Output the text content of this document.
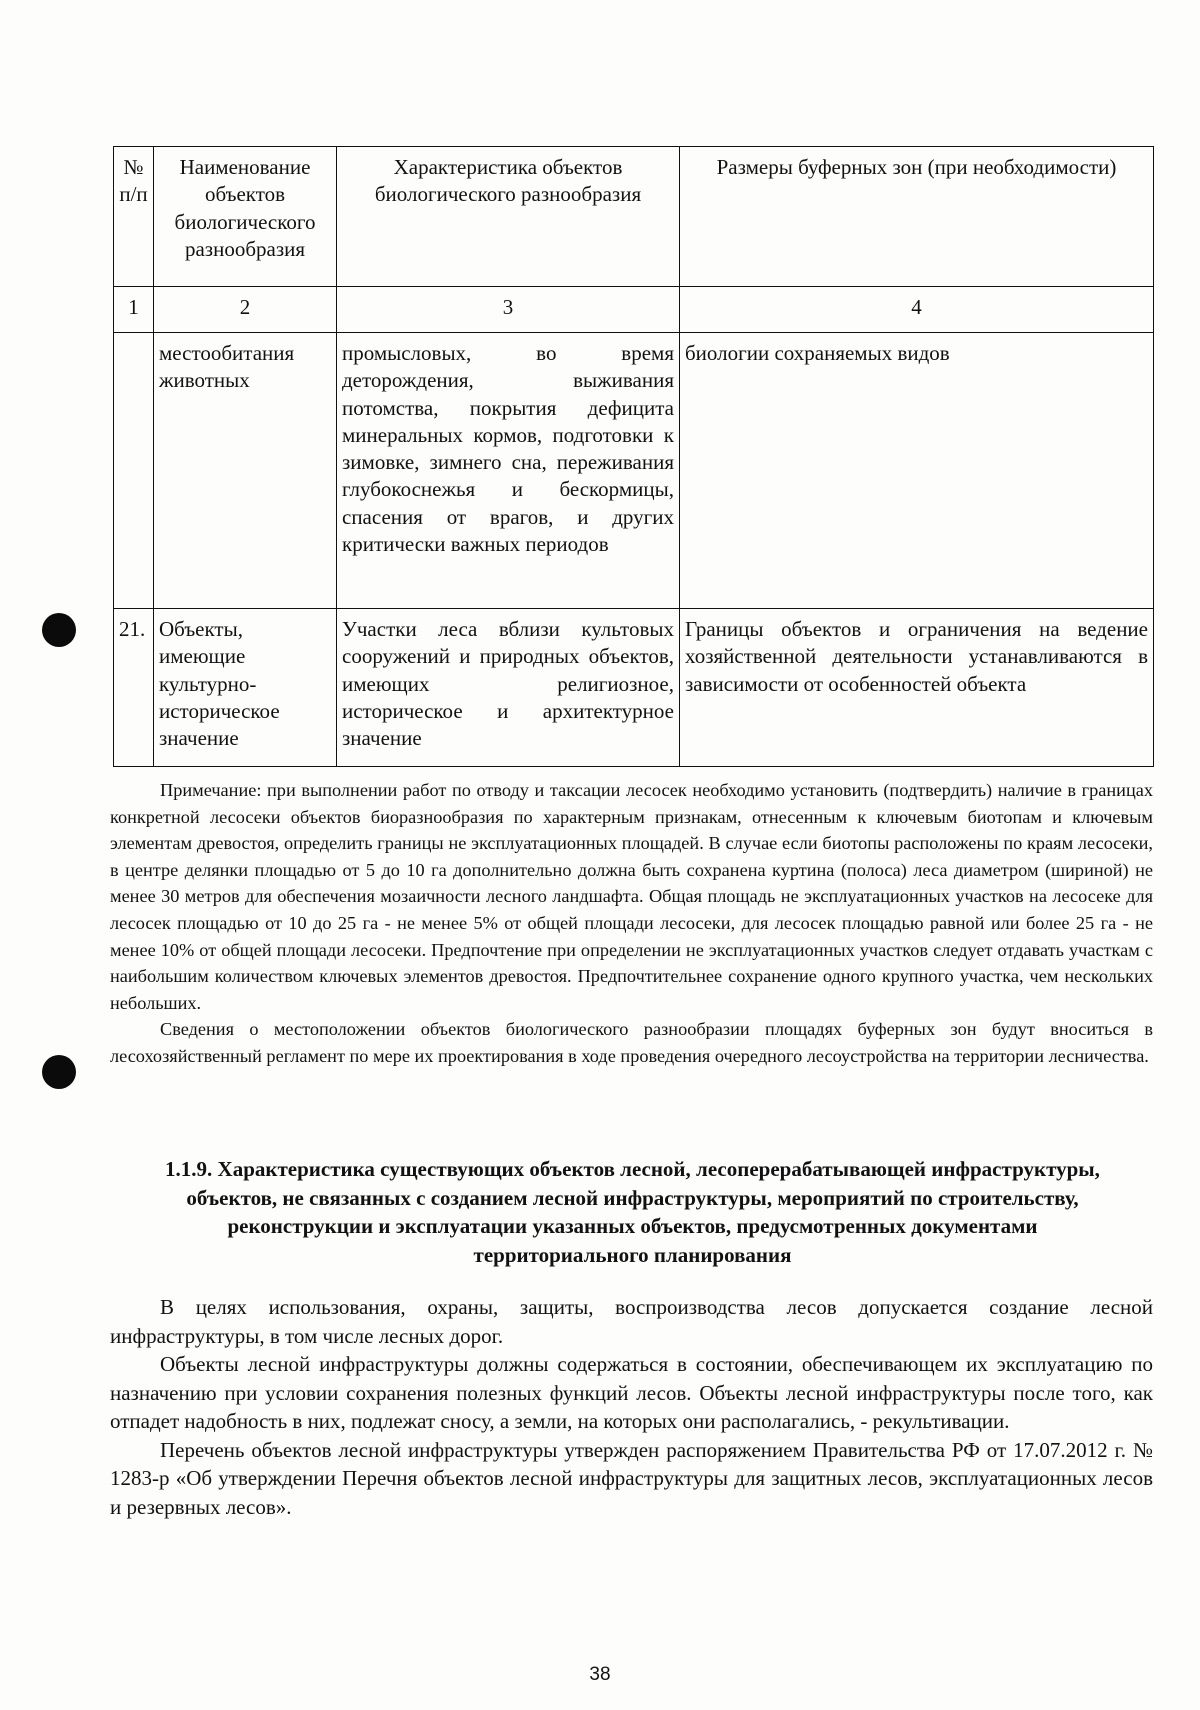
№ п/п	Наименование объектов биологического разнообразия	Характеристика объектов биологического разнообразия	Размеры буферных зон (при необходимости)
1	2	3	4
	местообитания животных	промысловых, во время деторождения, выживания потомства, покрытия дефицита минеральных кормов, подготовки к зимовке, зимнего сна, переживания глубокоснежья и бескормицы, спасения от врагов, и других критически важных периодов	биологии сохраняемых видов
21.	Объекты, имеющие культурно-историческое значение	Участки леса вблизи культовых сооружений и природных объектов, имеющих религиозное, историческое и архитектурное значение	Границы объектов и ограничения на ведение хозяйственной деятельности устанавливаются в зависимости от особенностей объекта

Примечание: при выполнении работ по отводу и таксации лесосек необходимо установить (подтвердить) наличие в границах конкретной лесосеки объектов биоразнообразия по характерным признакам, отнесенным к ключевым биотопам и ключевым элементам древостоя, определить границы не эксплуатационных площадей. В случае если биотопы расположены по краям лесосеки, в центре делянки площадью от 5 до 10 га дополнительно должна быть сохранена куртина (полоса) леса диаметром (шириной) не менее 30 метров для обеспечения мозаичности лесного ландшафта. Общая площадь не эксплуатационных участков на лесосеке для лесосек площадью от 10 до 25 га - не менее 5% от общей площади лесосеки, для лесосек площадью равной или более 25 га - не менее 10% от общей площади лесосеки. Предпочтение при определении не эксплуатационных участков следует отдавать участкам с наибольшим количеством ключевых элементов древостоя. Предпочтительнее сохранение одного крупного участка, чем нескольких небольших.

Сведения о местоположении объектов биологического разнообразии площадях буферных зон будут вноситься в лесохозяйственный регламент по мере их проектирования в ходе проведения очередного лесоустройства на территории лесничества.

1.1.9. Характеристика существующих объектов лесной, лесоперерабатывающей инфраструктуры, объектов, не связанных с созданием лесной инфраструктуры, мероприятий по строительству, реконструкции и эксплуатации указанных объектов, предусмотренных документами территориального планирования

В целях использования, охраны, защиты, воспроизводства лесов допускается создание лесной инфраструктуры, в том числе лесных дорог.

Объекты лесной инфраструктуры должны содержаться в состоянии, обеспечивающем их эксплуатацию по назначению при условии сохранения полезных функций лесов. Объекты лесной инфраструктуры после того, как отпадет надобность в них, подлежат сносу, а земли, на которых они располагались, - рекультивации.

Перечень объектов лесной инфраструктуры утвержден распоряжением Правительства РФ от 17.07.2012 г. № 1283-р «Об утверждении Перечня объектов лесной инфраструктуры для защитных лесов, эксплуатационных лесов и резервных лесов».

38
